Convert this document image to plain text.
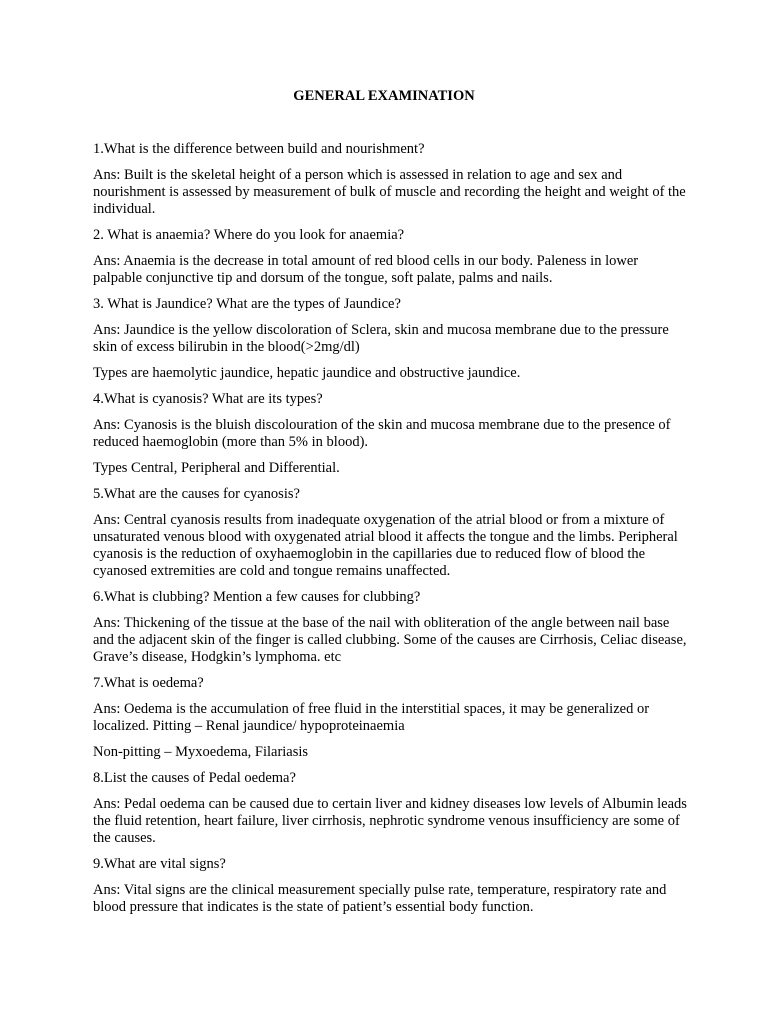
GENERAL EXAMINATION

1.What is the difference between build and nourishment?

Ans: Built is the skeletal height of a person which is assessed in relation to age and sex and nourishment is assessed by measurement of bulk of muscle and recording the height and weight of the individual.

2. What is anaemia? Where do you look for anaemia?

Ans: Anaemia is the decrease in total amount of red blood cells in our body. Paleness in lower palpable conjunctive tip and dorsum of the tongue, soft palate, palms and nails.

3. What is Jaundice? What are the types of Jaundice?

Ans: Jaundice is the yellow discoloration of Sclera, skin and mucosa membrane due to the pressure skin of excess bilirubin in the blood(>2mg/dl)

Types are haemolytic jaundice, hepatic jaundice and obstructive jaundice.

4.What is cyanosis? What are its types?

Ans: Cyanosis is the bluish discolouration of the skin and mucosa membrane due to the presence of reduced haemoglobin (more than 5% in blood).

Types Central, Peripheral and Differential.

5.What are the causes for cyanosis?

Ans: Central cyanosis results from inadequate oxygenation of the atrial blood or from a mixture of unsaturated venous blood with oxygenated atrial blood it affects the tongue and the limbs. Peripheral cyanosis is the reduction of oxyhaemoglobin in the capillaries due to reduced flow of blood the cyanosed extremities are cold and tongue remains unaffected.

6.What is clubbing? Mention a few causes for clubbing?

Ans: Thickening of the tissue at the base of the nail with obliteration of the angle between nail base and the adjacent skin of the finger is called clubbing. Some of the causes are Cirrhosis, Celiac disease, Grave’s disease, Hodgkin’s lymphoma. etc

7.What is oedema?

Ans: Oedema is the accumulation of free fluid in the interstitial spaces, it may be generalized or localized. Pitting – Renal jaundice/ hypoproteinaemia

Non-pitting – Myxoedema, Filariasis

8.List the causes of Pedal oedema?

Ans: Pedal oedema can be caused due to certain liver and kidney diseases low levels of Albumin leads the fluid retention, heart failure, liver cirrhosis, nephrotic syndrome venous insufficiency are some of the causes.

9.What are vital signs?

Ans: Vital signs are the clinical measurement specially pulse rate, temperature, respiratory rate and blood pressure that indicates is the state of patient’s essential body function.
